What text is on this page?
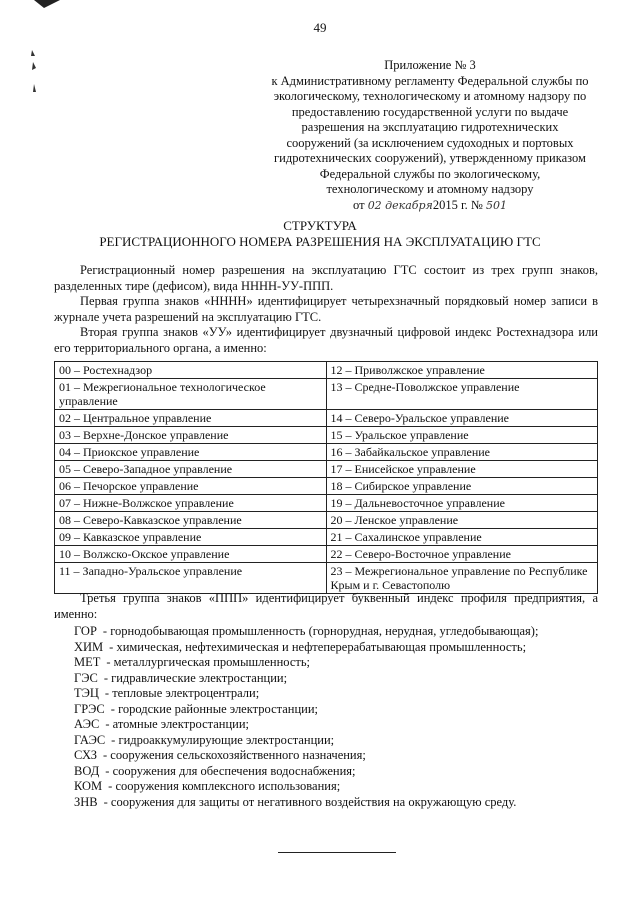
49
Приложение № 3
к Административному регламенту Федеральной службы по
экологическому, технологическому и атомному надзору по
предоставлению государственной услуги по выдаче
разрешения на эксплуатацию гидротехнических
сооружений (за исключением судоходных и портовых
гидротехнических сооружений), утвержденному приказом
Федеральной службы по экологическому,
технологическому и атомному надзору
от 02 декабря2015 г. № 501
СТРУКТУРА
РЕГИСТРАЦИОННОГО НОМЕРА РАЗРЕШЕНИЯ НА ЭКСПЛУАТАЦИЮ ГТС
Регистрационный номер разрешения на эксплуатацию ГТС состоит из трех групп знаков, разделенных тире (дефисом), вида НННН-УУ-ППП.
Первая группа знаков «НННН» идентифицирует четырехзначный порядковый номер записи в журнале учета разрешений на эксплуатацию ГТС.
Вторая группа знаков «УУ» идентифицирует двузначный цифровой индекс Ростехнадзора или его территориального органа, а именно:
00 – Ростехнадзор	12 – Приволжское управление
01 – Межрегиональное технологическое управление	13 – Средне-Поволжское управление
02 – Центральное управление	14 – Северо-Уральское управление
03 – Верхне-Донское управление	15 – Уральское управление
04 – Приокское управление	16 – Забайкальское управление
05 – Северо-Западное управление	17 – Енисейское управление
06 – Печорское управление	18 – Сибирское управление
07 – Нижне-Волжское управление	19 – Дальневосточное управление
08 – Северо-Кавказское управление	20 – Ленское управление
09 – Кавказское управление	21 – Сахалинское управление
10 – Волжско-Окское управление	22 – Северо-Восточное управление
11 – Западно-Уральское управление	23 – Межрегиональное управление по Республике Крым и г. Севастополю
Третья группа знаков «ППП» идентифицирует буквенный индекс профиля предприятия, а именно:
ГОР - горнодобывающая промышленность (горнорудная, нерудная, угледобывающая);
ХИМ - химическая, нефтехимическая и нефтеперерабатывающая промышленность;
МЕТ - металлургическая промышленность;
ГЭС - гидравлические электростанции;
ТЭЦ - тепловые электроцентрали;
ГРЭС - городские районные электростанции;
АЭС - атомные электростанции;
ГАЭС - гидроаккумулирующие электростанции;
СХЗ - сооружения сельскохозяйственного назначения;
ВОД - сооружения для обеспечения водоснабжения;
КОМ - сооружения комплексного использования;
ЗНВ - сооружения для защиты от негативного воздействия на окружающую среду.
